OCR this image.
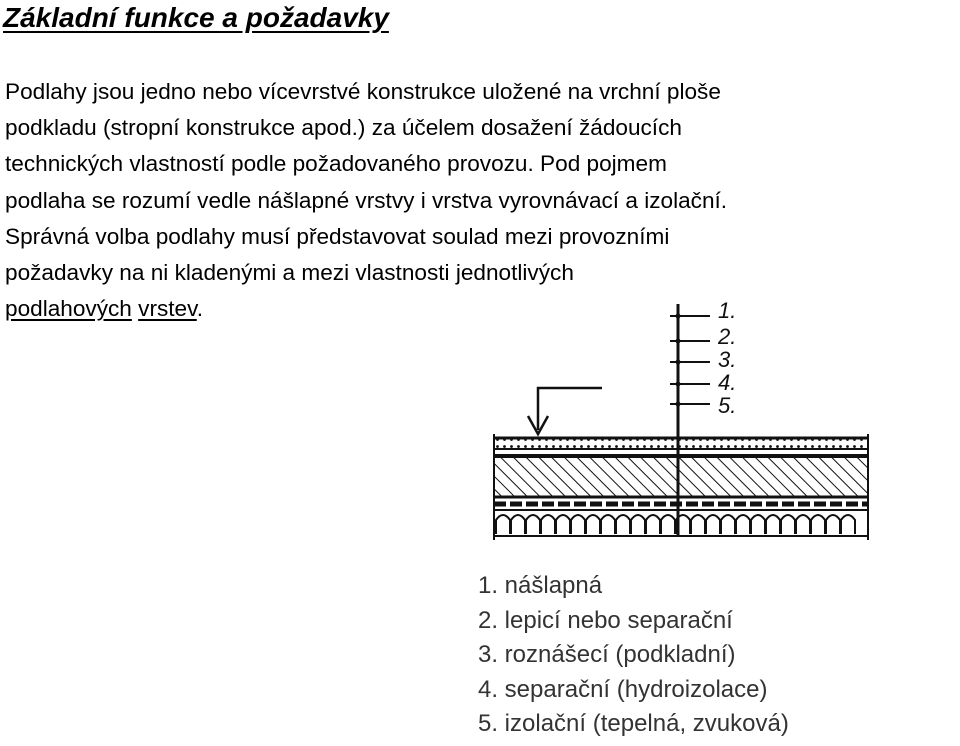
Základní funkce a požadavky

Podlahy jsou jedno nebo vícevrstvé konstrukce uložené na vrchní ploše
podkladu (stropní konstrukce apod.) za účelem dosažení žádoucích
technických vlastností podle požadovaného provozu. Pod pojmem
podlaha se rozumí vedle nášlapné vrstvy i vrstva vyrovnávací a izolační.
Správná volba podlahy musí představovat soulad mezi provozními
požadavky na ni kladenými a mezi vlastnosti jednotlivých
podlahových vrstev.	1.
2.
3.
4.
5.
1. nášlapná
2. lepicí nebo separační
3. roznášecí (podkladní)
4. separační (hydroizolace)
5. izolační (tepelná, zvuková)
